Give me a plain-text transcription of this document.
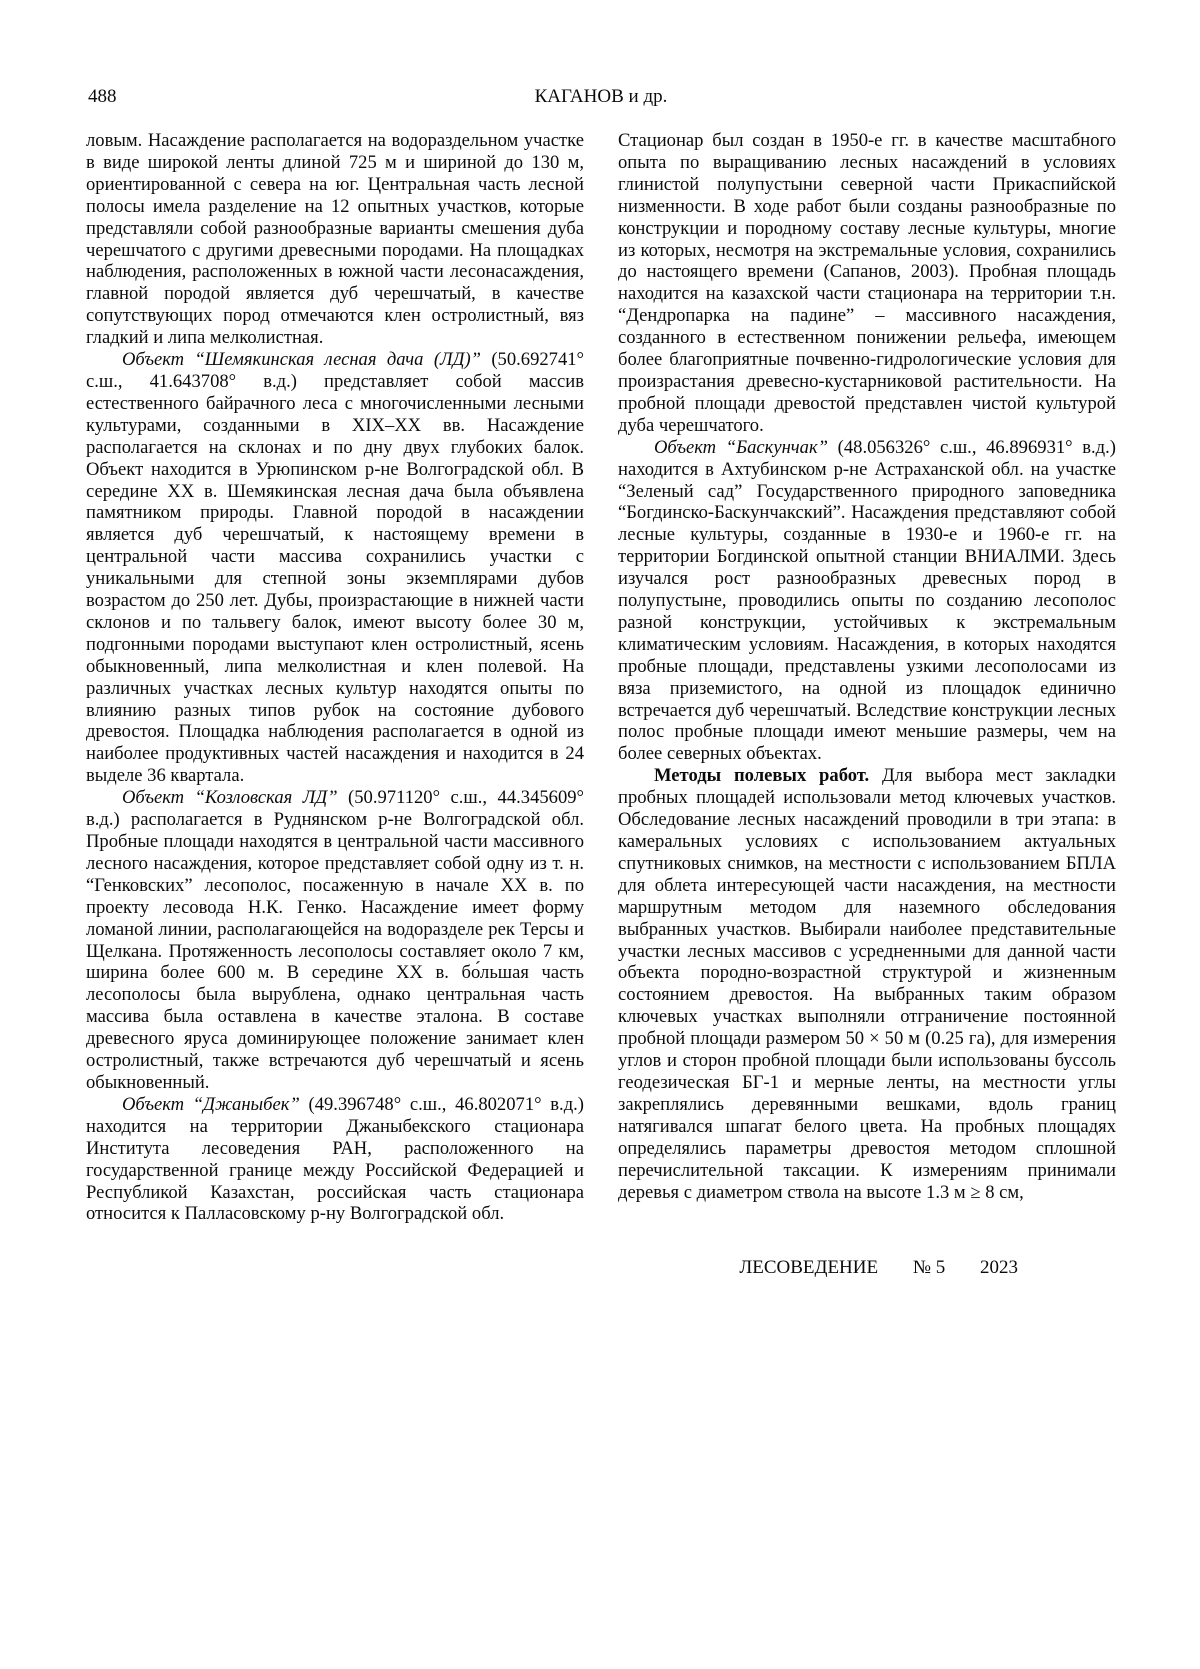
488	КАГАНОВ и др.

ловым. Насаждение располагается на водораздельном участке в виде широкой ленты длиной 725 м и шириной до 130 м, ориентированной с севера на юг. Центральная часть лесной полосы имела разделение на 12 опытных участков, которые представляли собой разнообразные варианты смешения дуба черешчатого с другими древесными породами. На площадках наблюдения, расположенных в южной части лесонасаждения, главной породой является дуб черешчатый, в качестве сопутствующих пород отмечаются клен остролистный, вяз гладкий и липа мелколистная.

Объект “Шемякинская лесная дача (ЛД)” (50.692741° с.ш., 41.643708° в.д.) представляет собой массив естественного байрачного леса с многочисленными лесными культурами, созданными в XIX–XX вв. Насаждение располагается на склонах и по дну двух глубоких балок. Объект находится в Урюпинском р-не Волгоградской обл. В середине XX в. Шемякинская лесная дача была объявлена памятником природы. Главной породой в насаждении является дуб черешчатый, к настоящему времени в центральной части массива сохранились участки с уникальными для степной зоны экземплярами дубов возрастом до 250 лет. Дубы, произрастающие в нижней части склонов и по тальвегу балок, имеют высоту более 30 м, подгонными породами выступают клен остролистный, ясень обыкновенный, липа мелколистная и клен полевой. На различных участках лесных культур находятся опыты по влиянию разных типов рубок на состояние дубового древостоя. Площадка наблюдения располагается в одной из наиболее продуктивных частей насаждения и находится в 24 выделе 36 квартала.

Объект “Козловская ЛД” (50.971120° с.ш., 44.345609° в.д.) располагается в Руднянском р-не Волгоградской обл. Пробные площади находятся в центральной части массивного лесного насаждения, которое представляет собой одну из т. н. “Генковских” лесополос, посаженную в начале XX в. по проекту лесовода Н.К. Генко. Насаждение имеет форму ломаной линии, располагающейся на водоразделе рек Терсы и Щелкана. Протяженность лесополосы составляет около 7 км, ширина более 600 м. В середине XX в. бо́льшая часть лесополосы была вырублена, однако центральная часть массива была оставлена в качестве эталона. В составе древесного яруса доминирующее положение занимает клен остролистный, также встречаются дуб черешчатый и ясень обыкновенный.

Объект “Джаныбек” (49.396748° с.ш., 46.802071° в.д.) находится на территории Джаныбекского стационара Института лесоведения РАН, расположенного на государственной границе между Российской Федерацией и Республикой Казахстан, российская часть стационара относится к Палласовскому р-ну Волгоградской обл.

Стационар был создан в 1950-е гг. в качестве масштабного опыта по выращиванию лесных насаждений в условиях глинистой полупустыни северной части Прикаспийской низменности. В ходе работ были созданы разнообразные по конструкции и породному составу лесные культуры, многие из которых, несмотря на экстремальные условия, сохранились до настоящего времени (Сапанов, 2003). Пробная площадь находится на казахской части стационара на территории т.н. “Дендропарка на падине” – массивного насаждения, созданного в естественном понижении рельефа, имеющем более благоприятные почвенно-гидрологические условия для произрастания древесно-кустарниковой растительности. На пробной площади древостой представлен чистой культурой дуба черешчатого.

Объект “Баскунчак” (48.056326° с.ш., 46.896931° в.д.) находится в Ахтубинском р-не Астраханской обл. на участке “Зеленый сад” Государственного природного заповедника “Богдинско-Баскунчакский”. Насаждения представляют собой лесные культуры, созданные в 1930-е и 1960-е гг. на территории Богдинской опытной станции ВНИАЛМИ. Здесь изучался рост разнообразных древесных пород в полупустыне, проводились опыты по созданию лесополос разной конструкции, устойчивых к экстремальным климатическим условиям. Насаждения, в которых находятся пробные площади, представлены узкими лесополосами из вяза приземистого, на одной из площадок единично встречается дуб черешчатый. Вследствие конструкции лесных полос пробные площади имеют меньшие размеры, чем на более северных объектах.

Методы полевых работ. Для выбора мест закладки пробных площадей использовали метод ключевых участков. Обследование лесных насаждений проводили в три этапа: в камеральных условиях с использованием актуальных спутниковых снимков, на местности с использованием БПЛА для облета интересующей части насаждения, на местности маршрутным методом для наземного обследования выбранных участков. Выбирали наиболее представительные участки лесных массивов с усредненными для данной части объекта породно-возрастной структурой и жизненным состоянием древостоя. На выбранных таким образом ключевых участках выполняли отграничение постоянной пробной площади размером 50 × 50 м (0.25 га), для измерения углов и сторон пробной площади были использованы буссоль геодезическая БГ-1 и мерные ленты, на местности углы закреплялись деревянными вешками, вдоль границ натягивался шпагат белого цвета. На пробных площадях определялись параметры древостоя методом сплошной перечислительной таксации. К измерениям принимали деревья с диаметром ствола на высоте 1.3 м ≥ 8 см,

ЛЕСОВЕДЕНИЕ № 5 2023
